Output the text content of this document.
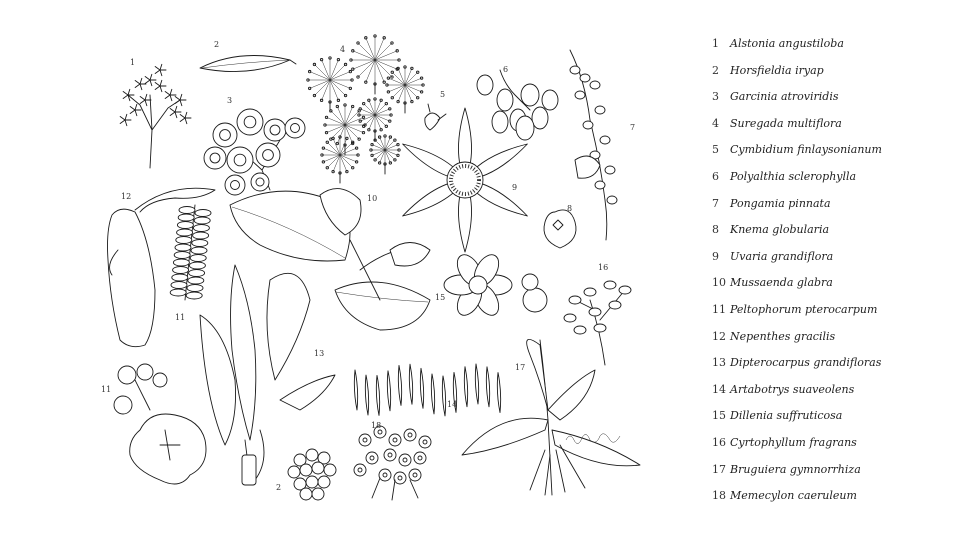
1
2
3
4
5
6
7
8
9
10
11
12
13
14
15
16
17
18
11
2
1	Alstonia angustiloba
2	Horsfieldia iryap
3	Garcinia atroviridis
4	Suregada multiflora
5	Cymbidium finlaysonianum
6	Polyalthia sclerophylla
7	Pongamia pinnata
8	Knema globularia
9	Uvaria grandiflora
10 Mussaenda glabra
11 Peltophorum pterocarpum
12 Nepenthes gracilis
13 Dipterocarpus grandifloras
14 Artabotrys suaveolens
15 Dillenia suffruticosa
16 Cyrtophyllum fragrans
17 Bruguiera gymnorrhiza
18 Memecylon caeruleum
